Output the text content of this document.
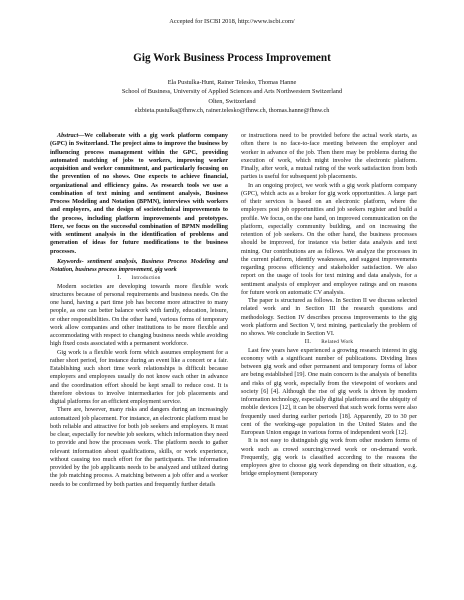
Accepted for ISCBI 2018, http://www.iscbi.com/
Gig Work Business Process Improvement
Ela Pustulka-Hunt, Rainer Telesko, Thomas Hanne
School of Business, University of Applied Sciences and Arts Northwestern Switzerland
Olten, Switzerland
elzbieta.pustulka@fhnw.ch, rainer.telesko@fhnw.ch, thomas.hanne@fhnw.ch

Abstract—We collaborate with a gig work platform company (GPC) in Switzerland. The project aims to improve the business by influencing process management within the GPC, providing automated matching of jobs to workers, improving worker acquisition and worker commitment, and particularly focusing on the prevention of no shows. One expects to achieve financial, organizational and efficiency gains. As research tools we use a combination of text mining and sentiment analysis, Business Process Modeling and Notation (BPMN), interviews with workers and employers, and the design of sociotechnical improvements to the process, including platform improvements and prototypes. Here, we focus on the successful combination of BPMN modelling with sentiment analysis in the identification of problems and generation of ideas for future modifications to the business processes.

Keywords- sentiment analysis, Business Process Modeling and Notation, business process improvement, gig work

I. Introduction

Modern societies are developing towards more flexible work structures because of personal requirements and business needs. On the one hand, having a part time job has become more attractive to many people, as one can better balance work with family, education, leisure, or other responsibilities. On the other hand, various forms of temporary work allow companies and other institutions to be more flexible and accommodating with respect to changing business needs while avoiding high fixed costs associated with a permanent workforce.

Gig work is a flexible work form which assumes employment for a rather short period, for instance during an event like a concert or a fair. Establishing such short time work relationships is difficult because employers and employees usually do not know each other in advance and the coordination effort should be kept small to reduce cost. It is therefore obvious to involve intermediaries for job placements and digital platforms for an efficient employment service.

There are, however, many risks and dangers during an increasingly automatized job placement. For instance, an electronic platform must be both reliable and attractive for both job seekers and employers. It must be clear, especially for newbie job seekers, which information they need to provide and how the processes work. The platform needs to gather relevant information about qualifications, skills, or work experience, without causing too much effort for the participants. The information provided by the job applicants needs to be analyzed and utilized during the job matching process. A matching between a job offer and a worker needs to be confirmed by both parties and frequently further details

or instructions need to be provided before the actual work starts, as often there is no face-to-face meeting between the employer and worker in advance of the job. Then there may be problems during the execution of work, which might involve the electronic platform. Finally, after work, a mutual rating of the work satisfaction from both parties is useful for subsequent job placements.

In an ongoing project, we work with a gig work platform company (GPC), which acts as a broker for gig work opportunities. A large part of their services is based on an electronic platform, where the employers post job opportunities and job seekers register and build a profile. We focus, on the one hand, on improved communication on the platform, especially community building, and on increasing the retention of job seekers. On the other hand, the business processes should be improved, for instance via better data analysis and text mining. Our contributions are as follows. We analyze the processes in the current platform, identify weaknesses, and suggest improvements regarding process efficiency and stakeholder satisfaction. We also report on the usage of tools for text mining and data analysis, for a sentiment analysis of employer and employee ratings and on reasons for future work on automatic CV analysis.

The paper is structured as follows. In Section II we discuss selected related work and in Section III the research questions and methodology. Section IV describes process improvements to the gig work platform and Section V, text mining, particularly the problem of no shows. We conclude in Section VI.

II. Related Work

Last few years have experienced a growing research interest in gig economy with a significant number of publications. Dividing lines between gig work and other permanent and temporary forms of labor are being established [19]. One main concern is the analysis of benefits and risks of gig work, especially from the viewpoint of workers and society [6] [4]. Although the rise of gig work is driven by modern information technology, especially digital platforms and the ubiquity of mobile devices [12], it can be observed that such work forms were also frequently used during earlier periods [18]. Apparently, 20 to 30 per cent of the working-age population in the United States and the European Union engage in various forms of independent work [12].

It is not easy to distinguish gig work from other modern forms of work such as crowd sourcing/crowd work or on-demand work. Frequently, gig work is classified according to the reasons the employees give to choose gig work depending on their situation, e.g. bridge employment (temporary
